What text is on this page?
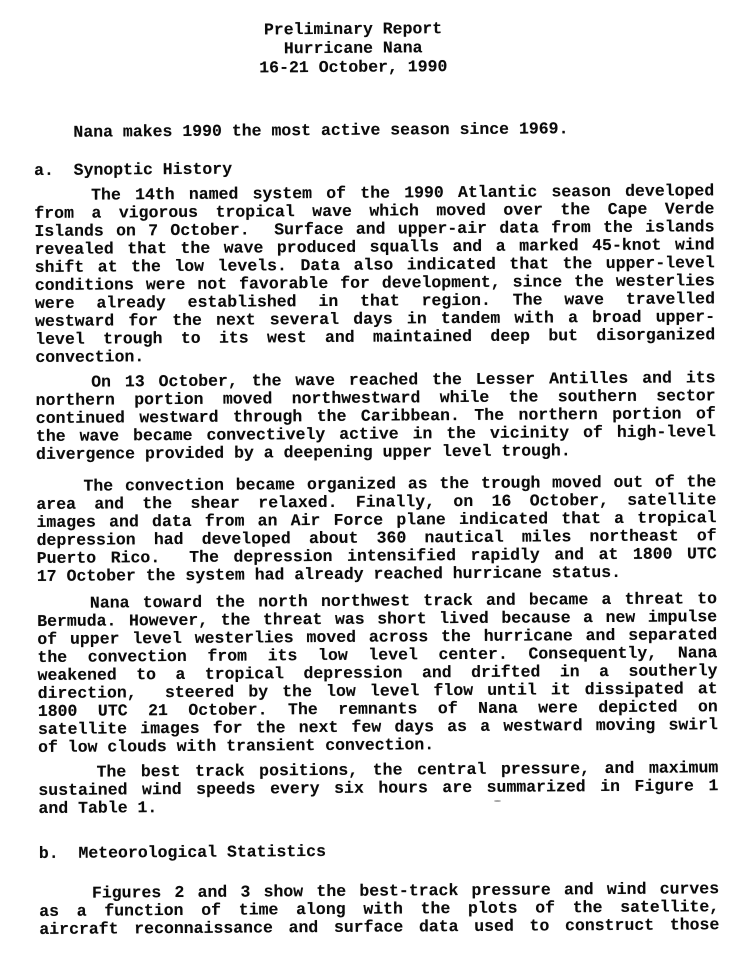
Preliminary Report
Hurricane Nana
16-21 October, 1990
Nana makes 1990 the most active season since 1969.
a.  Synoptic History
The 14th named system of the 1990 Atlantic season developed
from a vigorous tropical wave which moved over the Cape Verde
Islands on 7 October.  Surface and upper-air data from the islands
revealed that the wave produced squalls and a marked 45-knot wind
shift at the low levels. Data also indicated that the upper-level
conditions were not favorable for development, since the westerlies
were already established in that region. The wave travelled
westward for the next several days in tandem with a broad upper-
level trough to its west and maintained deep but disorganized
convection.
On 13 October, the wave reached the Lesser Antilles and its
northern portion moved northwestward while the southern sector
continued westward through the Caribbean. The northern portion of
the wave became convectively active in the vicinity of high-level
divergence provided by a deepening upper level trough.
The convection became organized as the trough moved out of the
area and the shear relaxed. Finally, on 16 October, satellite
images and data from an Air Force plane indicated that a tropical
depression had developed about 360 nautical miles northeast of
Puerto Rico.  The depression intensified rapidly and at 1800 UTC
17 October the system had already reached hurricane status.
Nana toward the north northwest track and became a threat to
Bermuda. However, the threat was short lived because a new impulse
of upper level westerlies moved across the hurricane and separated
the convection from its low level center. Consequently, Nana
weakened to a tropical depression and drifted in a southerly
direction,  steered by the low level flow until it dissipated at
1800 UTC 21 October. The remnants of Nana were depicted on
satellite images for the next few days as a westward moving swirl
of low clouds with transient convection.
The best track positions, the central pressure, and maximum
sustained wind speeds every six hours are summarized in Figure 1
and Table 1.
b.  Meteorological Statistics
Figures 2 and 3 show the best-track pressure and wind curves
as a function of time along with the plots of the satellite,
aircraft reconnaissance and surface data used to construct those
